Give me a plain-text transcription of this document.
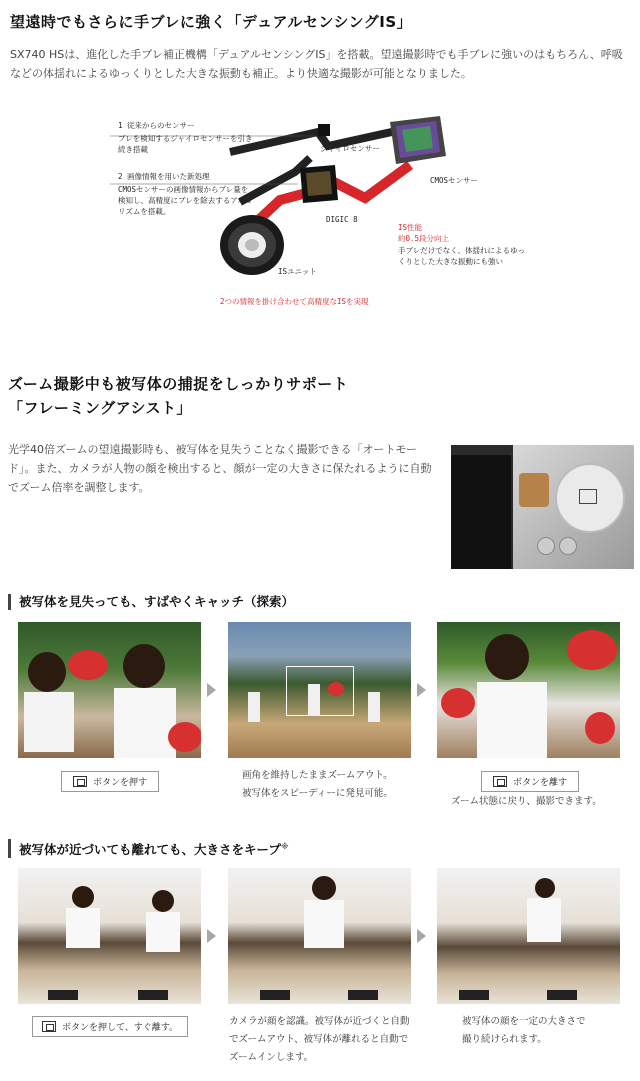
望遠時でもさらに手ブレに強く「デュアルセンシングIS」
SX740 HSは、進化した手ブレ補正機構「デュアルセンシングIS」を搭載。望遠撮影時でも手ブレに強いのはもちろん、呼吸などの体揺れによるゆっくりとした大きな振動も補正。より快適な撮影が可能となりました。
1 従来からのセンサー
ブレを検知するジャイロセンサーを引き続き搭載
2 画像情報を用いた新処理
CMOSセンサーの画像情報からブレ量を検知し、高精度にブレを除去するアルゴリズムを搭載。
ジャイロセンサー
CMOSセンサー
DIGIC 8
ISユニット
IS性能
約0.5段分向上
手ブレだけでなく、体揺れによるゆっくりとした大きな振動にも強い
2つの情報を掛け合わせて高精度なISを実現
ズーム撮影中も被写体の捕捉をしっかりサポート
「フレーミングアシスト」
光学40倍ズームの望遠撮影時も、被写体を見失うことなく撮影できる「オートモード」。また、カメラが人物の顔を検出すると、顔が一定の大きさに保たれるように自動でズーム倍率を調整します。
被写体を見失っても、すばやくキャッチ（探索）
ボタンを押す
画角を維持したままズームアウト。
被写体をスピーディーに発見可能。
ボタンを離す
ズーム状態に戻り、撮影できます。
被写体が近づいても離れても、大きさをキープ※
ボタンを押して、すぐ離す。
カメラが顔を認識。被写体が近づくと自動でズームアウト、被写体が離れると自動でズームインします。
被写体の顔を一定の大きさで
撮り続けられます。
